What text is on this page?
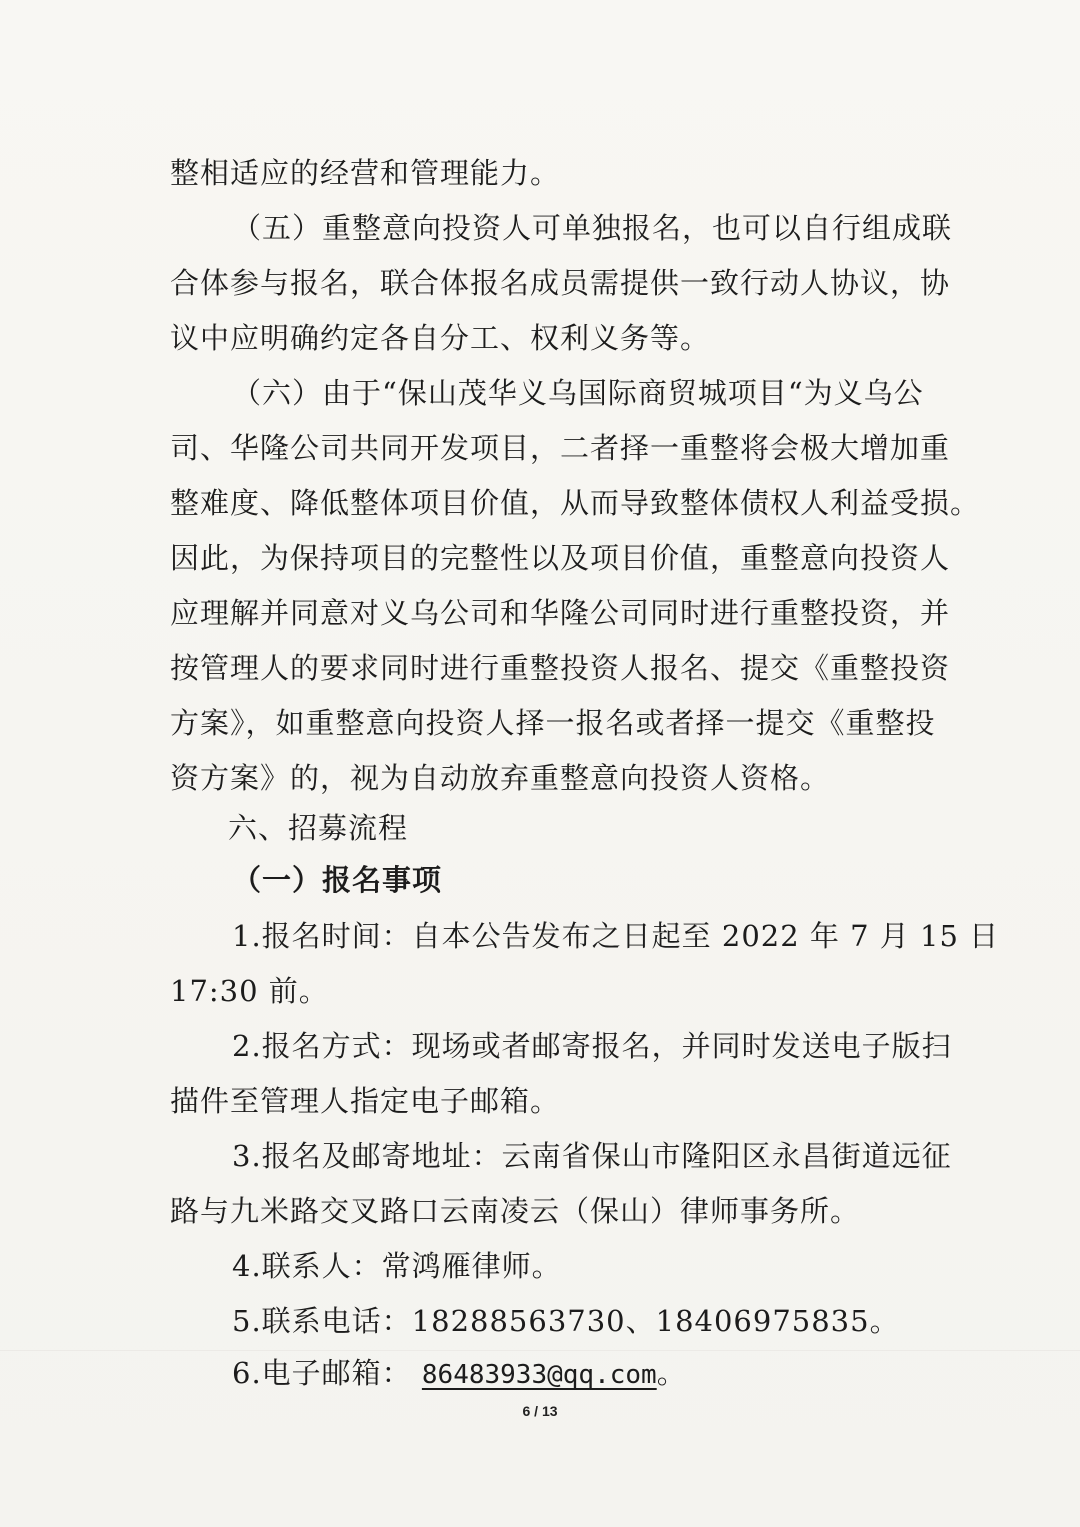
整相适应的经营和管理能力。
（五）重整意向投资人可单独报名，也可以自行组成联
合体参与报名，联合体报名成员需提供一致行动人协议，协
议中应明确约定各自分工、权利义务等。
（六）由于“保山茂华义乌国际商贸城项目“为义乌公
司、华隆公司共同开发项目，二者择一重整将会极大增加重
整难度、降低整体项目价值，从而导致整体债权人利益受损。
因此，为保持项目的完整性以及项目价值，重整意向投资人
应理解并同意对义乌公司和华隆公司同时进行重整投资，并
按管理人的要求同时进行重整投资人报名、提交《重整投资
方案》，如重整意向投资人择一报名或者择一提交《重整投
资方案》的，视为自动放弃重整意向投资人资格。
六、招募流程
（一）报名事项
1.报名时间：自本公告发布之日起至 2022 年 7 月 15 日
17:30 前。
2.报名方式：现场或者邮寄报名，并同时发送电子版扫
描件至管理人指定电子邮箱。
3.报名及邮寄地址：云南省保山市隆阳区永昌街道远征
路与九米路交叉路口云南凌云（保山）律师事务所。
4.联系人：常鸿雁律师。
5.联系电话：18288563730、18406975835。
6.电子邮箱： 86483933@qq.com。
6 / 13
